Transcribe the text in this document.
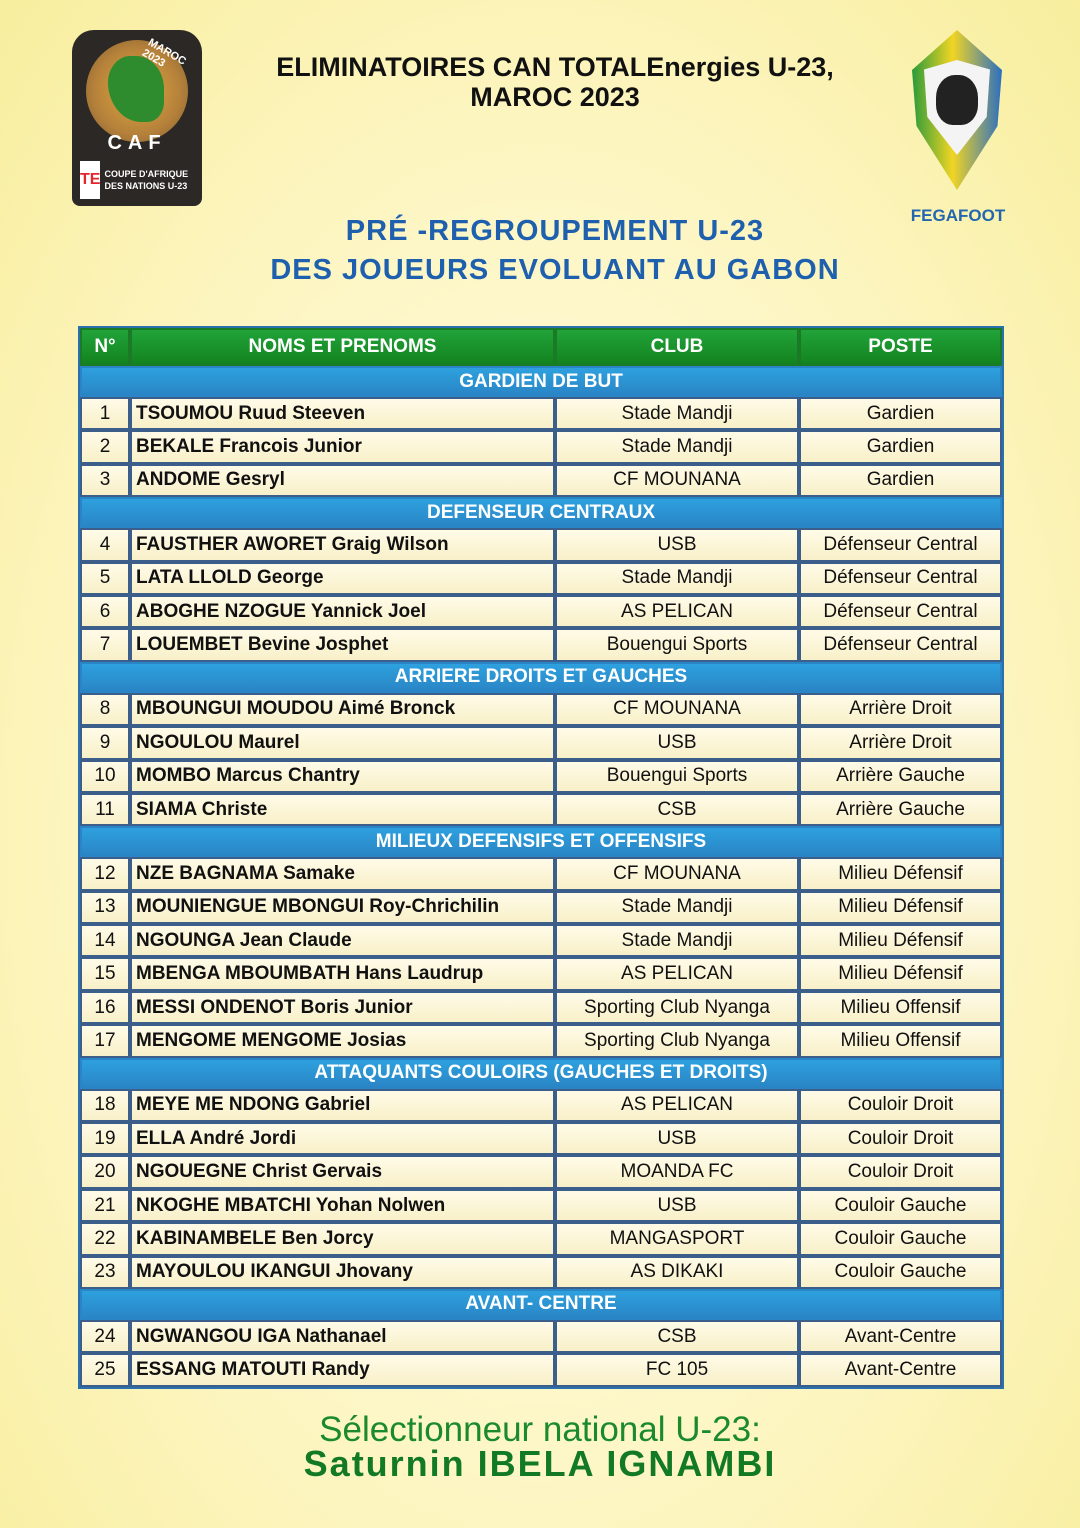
MAROC 2023
CAF
TE COUPE D'AFRIQUE DES NATIONS U-23
ELIMINATOIRES CAN TOTALEnergies U-23,
MAROC 2023
FEGAFOOT
PRÉ -REGROUPEMENT U-23
DES JOUEURS EVOLUANT AU GABON
N°	NOMS ET PRENOMS	CLUB	POSTE
GARDIEN DE BUT			
1	TSOUMOU Ruud Steeven	Stade Mandji	Gardien
2	BEKALE Francois Junior	Stade Mandji	Gardien
3	ANDOME Gesryl	CF MOUNANA	Gardien
DEFENSEUR CENTRAUX			
4	FAUSTHER AWORET Graig Wilson	USB	Défenseur Central
5	LATA LLOLD George	Stade Mandji	Défenseur Central
6	ABOGHE NZOGUE Yannick Joel	AS PELICAN	Défenseur Central
7	LOUEMBET Bevine Josphet	Bouengui Sports	Défenseur Central
ARRIERE DROITS ET GAUCHES			
8	MBOUNGUI MOUDOU Aimé Bronck	CF MOUNANA	Arrière Droit
9	NGOULOU Maurel	USB	Arrière Droit
10	MOMBO Marcus Chantry	Bouengui Sports	Arrière Gauche
11	SIAMA Christe	CSB	Arrière Gauche
MILIEUX DEFENSIFS ET OFFENSIFS			
12	NZE BAGNAMA Samake	CF MOUNANA	Milieu Défensif
13	MOUNIENGUE MBONGUI Roy-Chrichilin	Stade Mandji	Milieu Défensif
14	NGOUNGA Jean Claude	Stade Mandji	Milieu Défensif
15	MBENGA MBOUMBATH Hans Laudrup	AS PELICAN	Milieu Défensif
16	MESSI ONDENOT Boris Junior	Sporting Club Nyanga	Milieu Offensif
17	MENGOME MENGOME Josias	Sporting Club Nyanga	Milieu Offensif
ATTAQUANTS COULOIRS (GAUCHES ET DROITS)			
18	MEYE ME NDONG Gabriel	AS PELICAN	Couloir Droit
19	ELLA André Jordi	USB	Couloir Droit
20	NGOUEGNE Christ Gervais	MOANDA FC	Couloir Droit
21	NKOGHE MBATCHI Yohan Nolwen	USB	Couloir Gauche
22	KABINAMBELE Ben Jorcy	MANGASPORT	Couloir Gauche
23	MAYOULOU IKANGUI Jhovany	AS DIKAKI	Couloir Gauche
AVANT- CENTRE			
24	NGWANGOU IGA Nathanael	CSB	Avant-Centre
25	ESSANG MATOUTI Randy	FC 105	Avant-Centre
Sélectionneur national U-23:
Saturnin IBELA IGNAMBI
